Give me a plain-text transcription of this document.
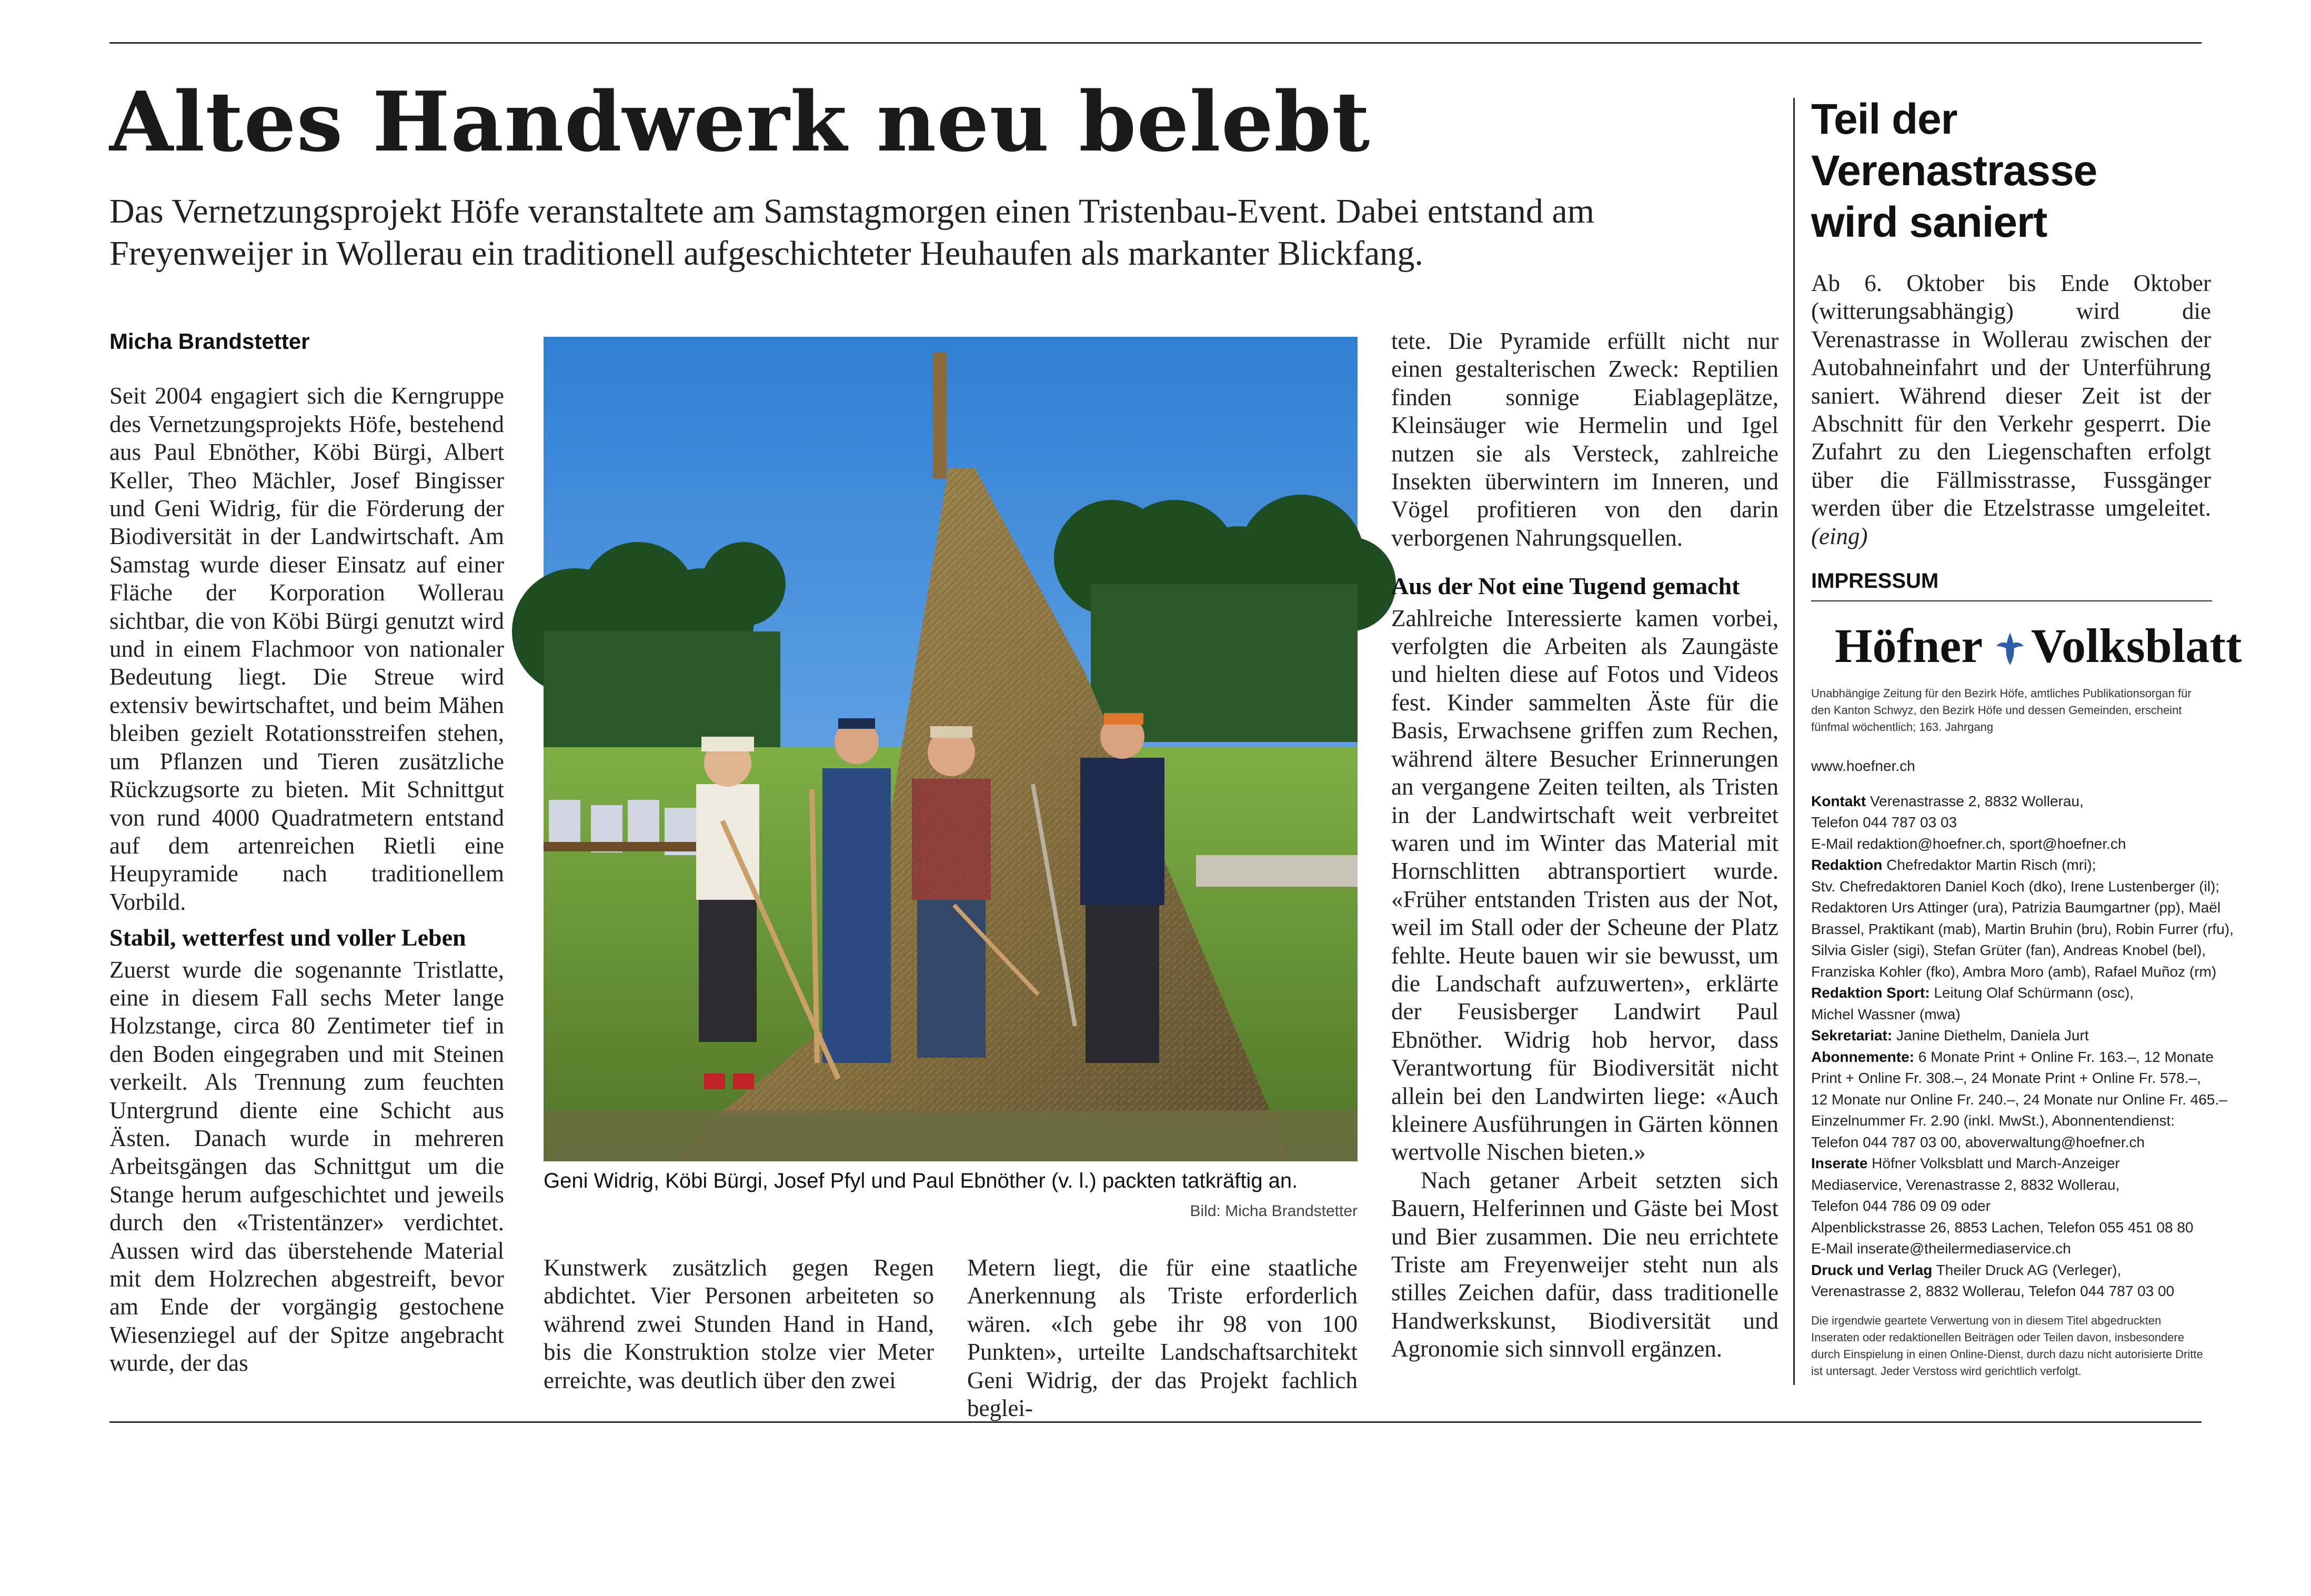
Altes Handwerk neu belebt
Das Vernetzungsprojekt Höfe veranstaltete am Samstagmorgen einen Tristenbau-Event. Dabei entstand am Freyenweijer in Wollerau ein traditionell aufgeschichteter Heuhaufen als markanter Blickfang.

Micha Brandstetter

Seit 2004 engagiert sich die Kerngruppe des Vernetzungsprojekts Höfe, bestehend aus Paul Ebnöther, Köbi Bürgi, Albert Keller, Theo Mächler, Josef Bingisser und Geni Widrig, für die Förderung der Biodiversität in der Landwirtschaft. Am Samstag wurde dieser Einsatz auf einer Fläche der Korporation Wollerau sichtbar, die von Köbi Bürgi genutzt wird und in einem Flachmoor von nationaler Bedeutung liegt. Die Streue wird extensiv bewirtschaftet, und beim Mähen bleiben gezielt Rotationsstreifen stehen, um Pflanzen und Tieren zusätzliche Rückzugsorte zu bieten. Mit Schnittgut von rund 4000 Quadratmetern entstand auf dem artenreichen Rietli eine Heupyramide nach traditionellem Vorbild.

Stabil, wetterfest und voller Leben

Zuerst wurde die sogenannte Tristlatte, eine in diesem Fall sechs Meter lange Holzstange, circa 80 Zentimeter tief in den Boden eingegraben und mit Steinen verkeilt. Als Trennung zum feuchten Untergrund diente eine Schicht aus Ästen. Danach wurde in mehreren Arbeitsgängen das Schnittgut um die Stange herum aufgeschichtet und jeweils durch den «Tristentänzer» verdichtet. Aussen wird das überstehende Material mit dem Holzrechen abgestreift, bevor am Ende der vorgängig gestochene Wiesenziegel auf der Spitze angebracht wurde, der das

Geni Widrig, Köbi Bürgi, Josef Pfyl und Paul Ebnöther (v. l.) packten tatkräftig an.
Bild: Micha Brandstetter

Kunstwerk zusätzlich gegen Regen abdichtet. Vier Personen arbeiteten so während zwei Stunden Hand in Hand, bis die Konstruktion stolze vier Meter erreichte, was deutlich über den zwei

Metern liegt, die für eine staatliche Anerkennung als Triste erforderlich wären. «Ich gebe ihr 98 von 100 Punkten», urteilte Landschaftsarchitekt Geni Widrig, der das Projekt fachlich beglei-

tete. Die Pyramide erfüllt nicht nur einen gestalterischen Zweck: Reptilien finden sonnige Eiablageplätze, Kleinsäuger wie Hermelin und Igel nutzen sie als Versteck, zahlreiche Insekten überwintern im Inneren, und Vögel profitieren von den darin verborgenen Nahrungsquellen.

Aus der Not eine Tugend gemacht

Zahlreiche Interessierte kamen vorbei, verfolgten die Arbeiten als Zaungäste und hielten diese auf Fotos und Videos fest. Kinder sammelten Äste für die Basis, Erwachsene griffen zum Rechen, während ältere Besucher Erinnerungen an vergangene Zeiten teilten, als Tristen in der Landwirtschaft weit verbreitet waren und im Winter das Material mit Hornschlitten abtransportiert wurde. «Früher entstanden Tristen aus der Not, weil im Stall oder der Scheune der Platz fehlte. Heute bauen wir sie bewusst, um die Landschaft aufzuwerten», erklärte der Feusisberger Landwirt Paul Ebnöther. Widrig hob hervor, dass Verantwortung für Biodiversität nicht allein bei den Landwirten liege: «Auch kleinere Ausführungen in Gärten können wertvolle Nischen bieten.»

Nach getaner Arbeit setzten sich Bauern, Helferinnen und Gäste bei Most und Bier zusammen. Die neu errichtete Triste am Freyenweijer steht nun als stilles Zeichen dafür, dass traditionelle Handwerkskunst, Biodiversität und Agronomie sich sinnvoll ergänzen.

Teil der Verenastrasse wird saniert
Ab 6. Oktober bis Ende Oktober (witterungsabhängig) wird die Verenastrasse in Wollerau zwischen der Autobahneinfahrt und der Unterführung saniert. Während dieser Zeit ist der Abschnitt für den Verkehr gesperrt. Die Zufahrt zu den Liegenschaften erfolgt über die Fällmisstrasse, Fussgänger werden über die Etzelstrasse umgeleitet. (eing)
IMPRESSUM
Höfner Volksblatt
Unabhängige Zeitung für den Bezirk Höfe, amtliches Publikationsorgan für den Kanton Schwyz, den Bezirk Höfe und dessen Gemeinden, erscheint fünfmal wöchentlich; 163. Jahrgang

www.hoefner.ch

Kontakt Verenastrasse 2, 8832 Wollerau,

Telefon 044 787 03 03

E-Mail redaktion@hoefner.ch, sport@hoefner.ch

Redaktion Chefredaktor Martin Risch (mri);

Stv. Chefredaktoren Daniel Koch (dko), Irene Lustenberger (il);

Redaktoren Urs Attinger (ura), Patrizia Baumgartner (pp), Maël

Brassel, Praktikant (mab), Martin Bruhin (bru), Robin Furrer (rfu),

Silvia Gisler (sigi), Stefan Grüter (fan), Andreas Knobel (bel),

Franziska Kohler (fko), Ambra Moro (amb), Rafael Muñoz (rm)

Redaktion Sport: Leitung Olaf Schürmann (osc),

Michel Wassner (mwa)

Sekretariat: Janine Diethelm, Daniela Jurt

Abonnemente: 6 Monate Print + Online Fr. 163.–, 12 Monate

Print + Online Fr. 308.–, 24 Monate Print + Online Fr. 578.–,

12 Monate nur Online Fr. 240.–, 24 Monate nur Online Fr. 465.–

Einzelnummer Fr. 2.90 (inkl. MwSt.), Abonnentendienst:

Telefon 044 787 03 00, aboverwaltung@hoefner.ch

Inserate Höfner Volksblatt und March-Anzeiger

Mediaservice, Verenastrasse 2, 8832 Wollerau,

Telefon 044 786 09 09 oder

Alpenblickstrasse 26, 8853 Lachen, Telefon 055 451 08 80

E-Mail inserate@theilermediaservice.ch

Druck und Verlag Theiler Druck AG (Verleger),

Verenastrasse 2, 8832 Wollerau, Telefon 044 787 03 00

Die irgendwie geartete Verwertung von in diesem Titel abgedruckten Inseraten oder redaktionellen Beiträgen oder Teilen davon, insbesondere durch Einspielung in einen Online-Dienst, durch dazu nicht autorisierte Dritte ist untersagt. Jeder Verstoss wird gerichtlich verfolgt.
